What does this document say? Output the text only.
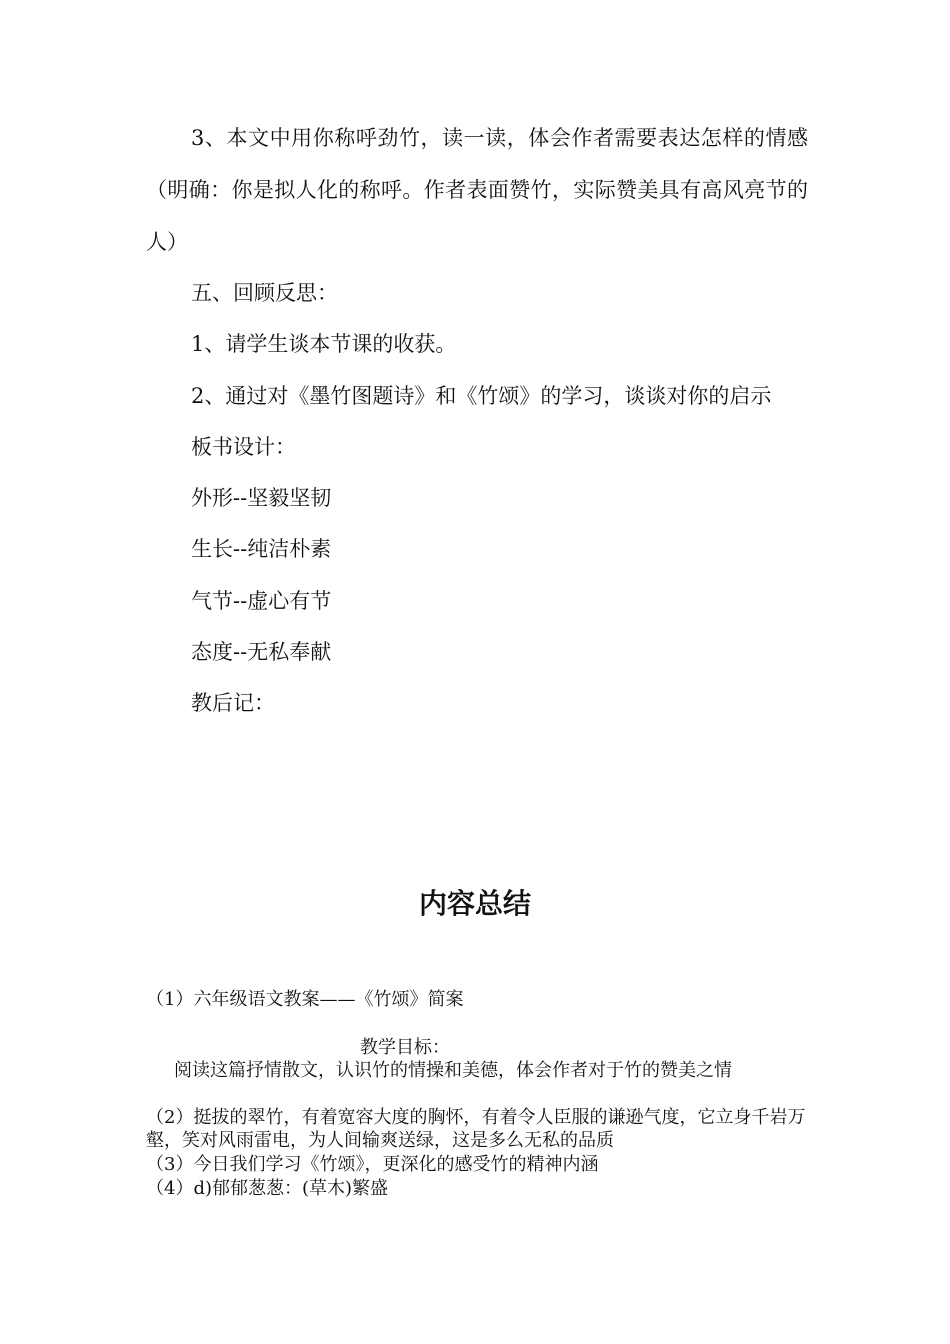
3、本文中用你称呼劲竹，读一读，体会作者需要表达怎样的情感（明确：你是拟人化的称呼。作者表面赞竹，实际赞美具有高风亮节的人）

五、回顾反思：

1、请学生谈本节课的收获。

2、通过对《墨竹图题诗》和《竹颂》的学习，谈谈对你的启示

板书设计：

外形--坚毅坚韧

生长--纯洁朴素

气节--虚心有节

态度--无私奉献

教后记：

内容总结

（1）六年级语文教案——《竹颂》简案

教学目标：

阅读这篇抒情散文，认识竹的情操和美德，体会作者对于竹的赞美之情

（2）挺拔的翠竹，有着宽容大度的胸怀，有着令人臣服的谦逊气度，它立身千岩万壑，笑对风雨雷电，为人间输爽送绿，这是多么无私的品质

（3）今日我们学习《竹颂》，更深化的感受竹的精神内涵

（4）d)郁郁葱葱：(草木)繁盛
